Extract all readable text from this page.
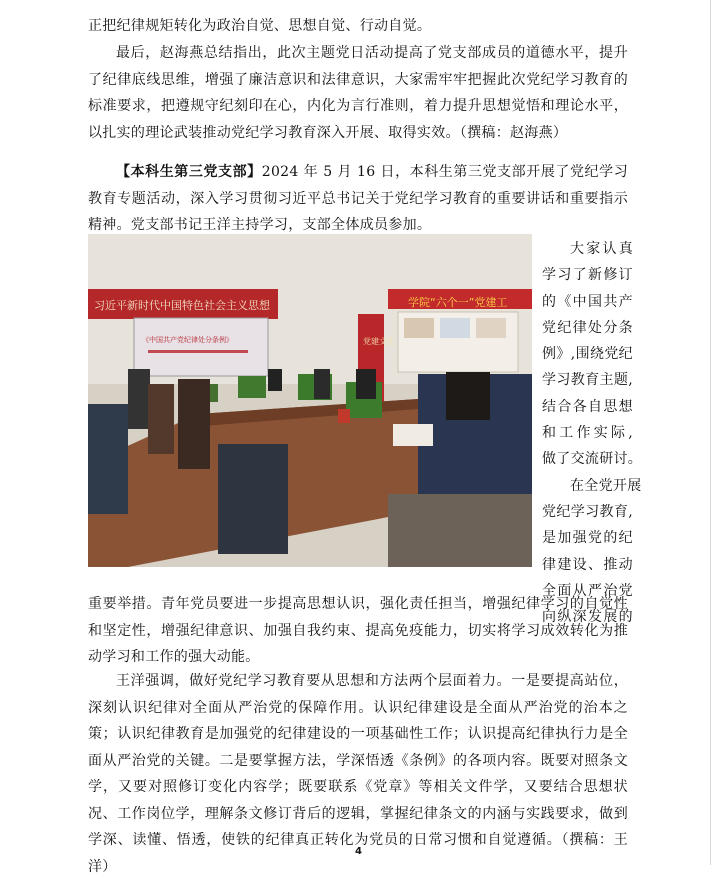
正把纪律规矩转化为政治自觉、思想自觉、行动自觉。

最后，赵海燕总结指出，此次主题党日活动提高了党支部成员的道德水平，提升了纪律底线思维，增强了廉洁意识和法律意识，大家需牢牢把握此次党纪学习教育的标准要求，把遵规守纪刻印在心，内化为言行准则，着力提升思想觉悟和理论水平，以扎实的理论武装推动党纪学习教育深入开展、取得实效。（撰稿：赵海燕）

【本科生第三党支部】2024 年 5 月 16 日，本科生第三党支部开展了党纪学习教育专题活动，深入学习贯彻习近平总书记关于党纪学习教育的重要讲话和重要指示精神。党支部书记王洋主持学习，支部全体成员参加。

习近平新时代中国特色社会主义思想
《中国共产党纪律处分条例》
学院“六个一”党建工
党建文化
大家认真
学习了新修订
的《中国共产
党纪律处分条
例》,围绕党纪
学习教育主题,
结合各自思想
和工作实际,
做了交流研讨。
在全党开展
党纪学习教育,
是加强党的纪
律建设、推动
全面从严治党
向纵深发展的

重要举措。青年党员要进一步提高思想认识，强化责任担当，增强纪律学习的自觉性和坚定性，增强纪律意识、加强自我约束、提高免疫能力，切实将学习成效转化为推动学习和工作的强大动能。

王洋强调，做好党纪学习教育要从思想和方法两个层面着力。一是要提高站位，深刻认识纪律对全面从严治党的保障作用。认识纪律建设是全面从严治党的治本之策；认识纪律教育是加强党的纪律建设的一项基础性工作；认识提高纪律执行力是全面从严治党的关键。二是要掌握方法，学深悟透《条例》的各项内容。既要对照条文学，又要对照修订变化内容学；既要联系《党章》等相关文件学，又要结合思想状况、工作岗位学，理解条文修订背后的逻辑，掌握纪律条文的内涵与实践要求，做到学深、读懂、悟透，使铁的纪律真正转化为党员的日常习惯和自觉遵循。（撰稿：王洋）

4
